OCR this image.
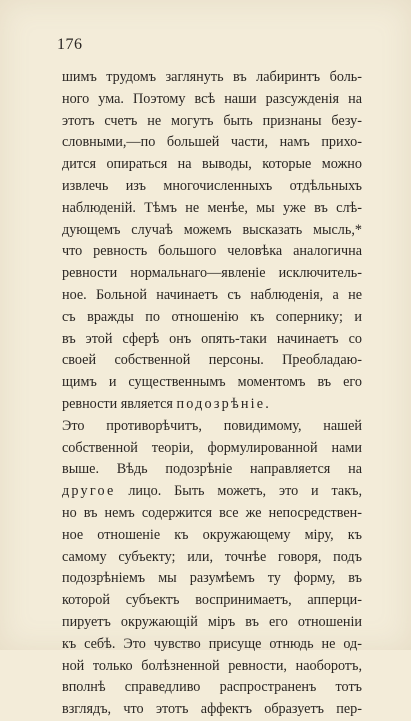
176
шимъ трудомъ заглянуть въ лабиринтъ боль-
ного ума. Поэтому всѣ наши разсужденія на
этотъ счетъ не могутъ быть признаны безу-
словными,—по большей части, намъ прихо-
дится опираться на выводы, которые можно
извлечь изъ многочисленныхъ отдѣльныхъ
наблюденій. Тѣмъ не менѣе, мы уже въ слѣ-
дующемъ случаѣ можемъ высказать мысль,*
что ревность большого человѣка аналогична
ревности нормальнаго—явленіе исключитель-
ное. Больной начинаетъ съ наблюденія, а не
съ вражды по отношенію къ сопернику; и
въ этой сферѣ онъ опять-таки начинаетъ со
своей собственной персоны. Преобладаю-
щимъ и существеннымъ моментомъ въ его
ревности является подозрѣніе.
Это противорѣчитъ, повидимому, нашей
собственной теоріи, формулированной нами
выше. Вѣдь подозрѣніе направляется на
другое лицо. Быть можетъ, это и такъ,
но въ немъ содержится все же непосредствен-
ное отношеніе къ окружающему міру, къ
самому субъекту; или, точнѣе говоря, подъ
подозрѣніемъ мы разумѣемъ ту форму, въ
которой субъектъ воспринимаетъ, апперци-
пируетъ окружающій міръ въ его отношеніи
къ себѣ. Это чувство присуще отнюдь не од-
ной только болѣзненной ревности, наоборотъ,
вполнѣ справедливо распространенъ тотъ
взглядъ, что этотъ аффектъ образуетъ пер-
